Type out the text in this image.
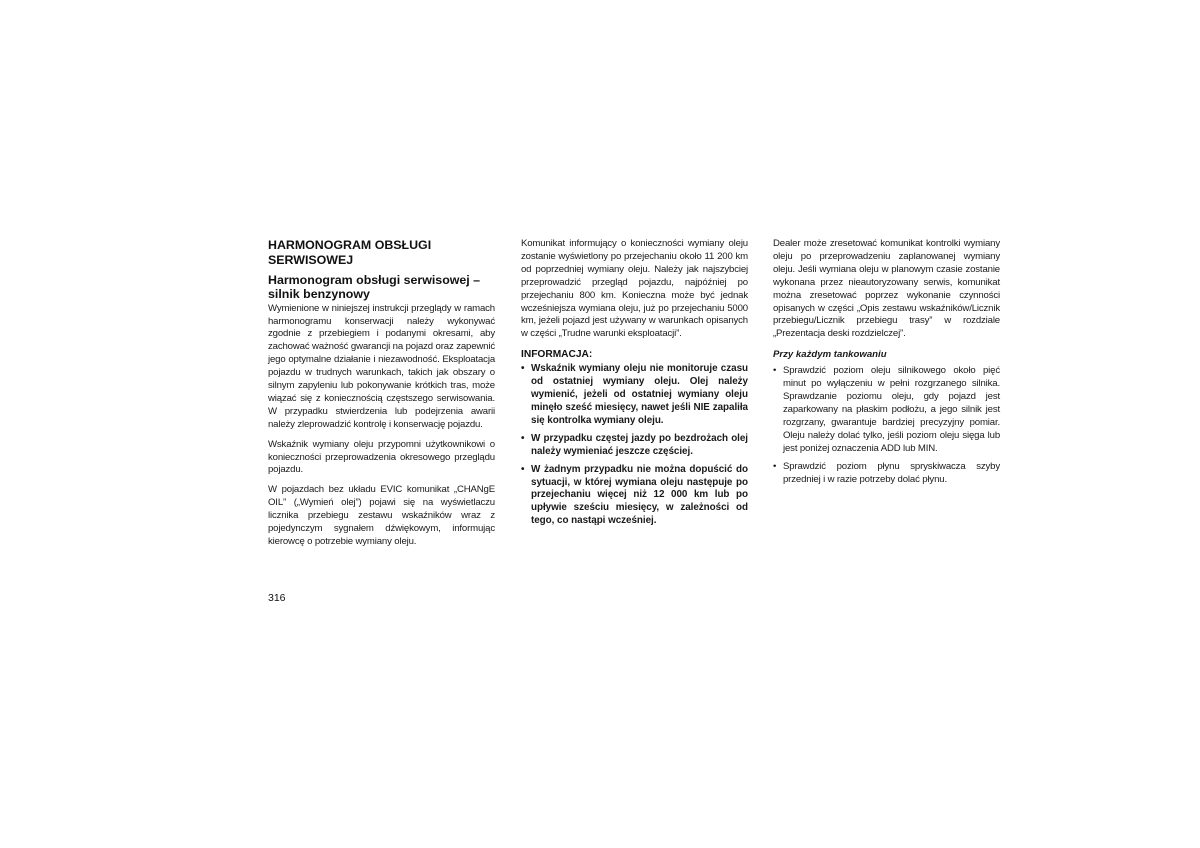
HARMONOGRAM OBSŁUGI SERWISOWEJ
Harmonogram obsługi serwisowej – silnik benzynowy

Wymienione w niniejszej instrukcji przeglądy w ramach harmonogramu konserwacji należy wykonywać zgodnie z przebiegiem i podanymi okresami, aby zachować ważność gwarancji na pojazd oraz zapewnić jego optymalne działanie i niezawodność. Eksploatacja pojazdu w trudnych warunkach, takich jak obszary o silnym zapyleniu lub pokonywanie krótkich tras, może wiązać się z koniecznością częstszego serwisowania. W przypadku stwierdzenia lub podejrzenia awarii należy zleprowadzić kontrolę i konserwację pojazdu.

Wskaźnik wymiany oleju przypomni użytkownikowi o konieczności przeprowadzenia okresowego przeglądu pojazdu.

W pojazdach bez układu EVIC komunikat „CHANgE OIL” („Wymień olej”) pojawi się na wyświetlaczu licznika przebiegu zestawu wskaźników wraz z pojedynczym sygnałem dźwiękowym, informując kierowcę o potrzebie wymiany oleju.

Komunikat informujący o konieczności wymiany oleju zostanie wyświetlony po przejechaniu około 11 200 km od poprzedniej wymiany oleju. Należy jak najszybciej przeprowadzić przegląd pojazdu, najpóźniej po przejechaniu 800 km. Konieczna może być jednak wcześniejsza wymiana oleju, już po przejechaniu 5000 km, jeżeli pojazd jest używany w warunkach opisanych w części „Trudne warunki eksploatacji”.

INFORMACJA:
• Wskaźnik wymiany oleju nie monitoruje czasu od ostatniej wymiany oleju. Olej należy wymienić, jeżeli od ostatniej wymiany oleju minęło sześć miesięcy, nawet jeśli NIE zapaliła się kontrolka wymiany oleju.
• W przypadku częstej jazdy po bezdrożach olej należy wymieniać jeszcze częściej.
• W żadnym przypadku nie można dopuścić do sytuacji, w której wymiana oleju następuje po przejechaniu więcej niż 12 000 km lub po upływie sześciu miesięcy, w zależności od tego, co nastąpi wcześniej.

Dealer może zresetować komunikat kontrolki wymiany oleju po przeprowadzeniu zaplanowanej wymiany oleju. Jeśli wymiana oleju w planowym czasie zostanie wykonana przez nieautoryzowany serwis, komunikat można zresetować poprzez wykonanie czynności opisanych w części „Opis zestawu wskaźników/Licznik przebiegu/Licznik przebiegu trasy” w rozdziale „Prezentacja deski rozdzielczej”.

Przy każdym tankowaniu
• Sprawdzić poziom oleju silnikowego około pięć minut po wyłączeniu w pełni rozgrzanego silnika. Sprawdzanie poziomu oleju, gdy pojazd jest zaparkowany na płaskim podłożu, a jego silnik jest rozgrzany, gwarantuje bardziej precyzyjny pomiar. Oleju należy dolać tylko, jeśli poziom oleju sięga lub jest poniżej oznaczenia ADD lub MIN.
• Sprawdzić poziom płynu spryskiwacza szyby przedniej i w razie potrzeby dolać płynu.
316
